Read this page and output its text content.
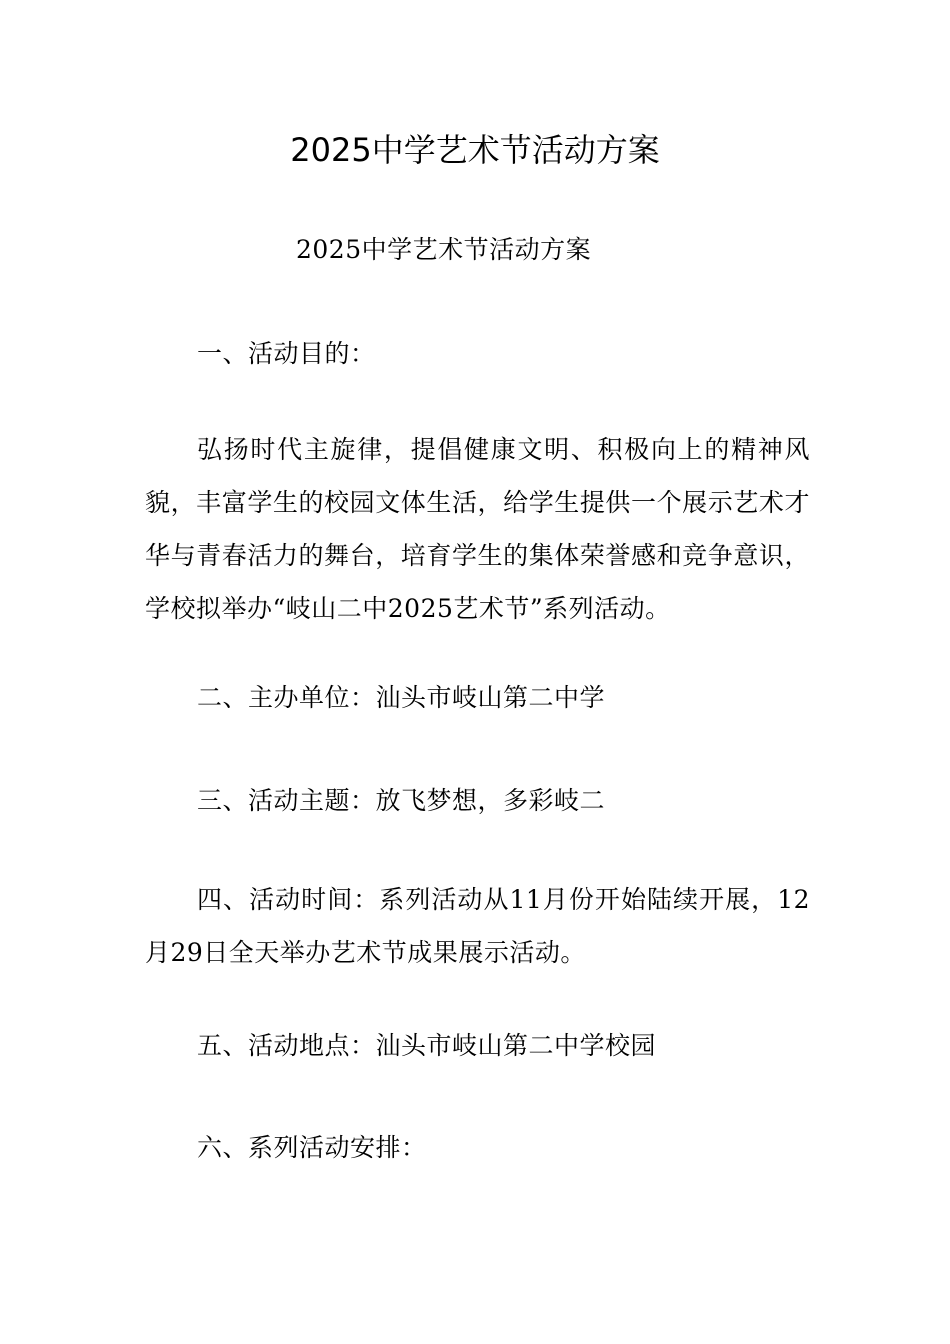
2025中学艺术节活动方案

2025中学艺术节活动方案

一、活动目的：

弘扬时代主旋律，提倡健康文明、积极向上的精神风貌，丰富学生的校园文体生活，给学生提供一个展示艺术才华与青春活力的舞台，培育学生的集体荣誉感和竞争意识，学校拟举办“岐山二中2025艺术节”系列活动。

二、主办单位：汕头市岐山第二中学

三、活动主题：放飞梦想，多彩岐二

四、活动时间：系列活动从11月份开始陆续开展，12月29日全天举办艺术节成果展示活动。

五、活动地点：汕头市岐山第二中学校园

六、系列活动安排：
